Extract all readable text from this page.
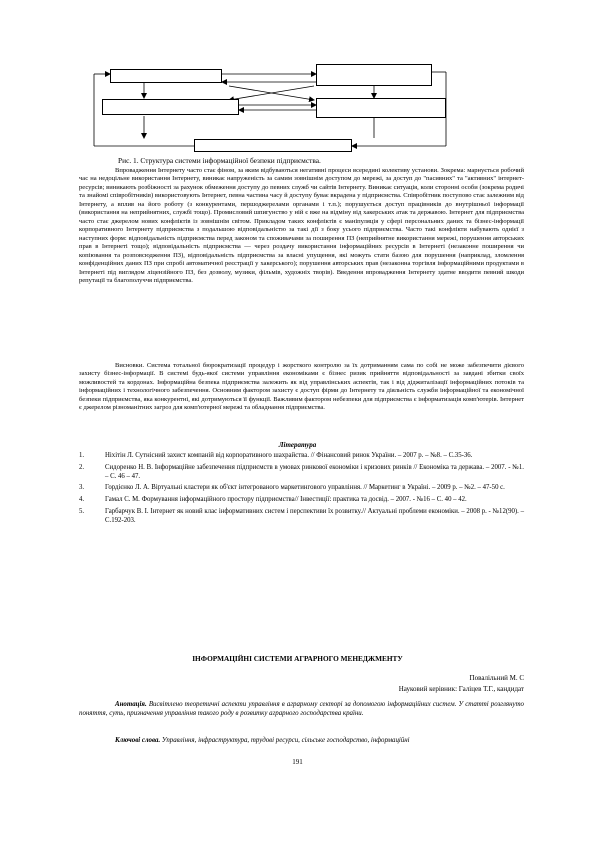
Рис. 1. Структура системи інформаційної безпеки підприємства.

Впровадження Інтернету часто стає фіном, за яким відбуваються негативні процеси всередині колективу установи. Зокрема: марнується робочий час на недоцільне використання Інтернету, виникає напруженість за самим зовнішнім доступом до мережі, за доступ до "пасивних" та "активних" інтернет-ресурсів; виникають розбіжності за рахунок обмеження доступу до певних служб чи сайтів Інтернету. Виникає ситуація, коли сторонні особи (зокрема родичі та знайомі співробітників) використовують Інтернет, певна частина часу й доступу буває вкрадена у підприємства. Співробітник поступово стає залежним від Інтернету, а вплив на його роботу (з конкурентами, першоджерелами органами і т.п.); порушується доступ працівників до внутрішньої інформації (використання на неприйнятних, службі тощо). Промисловий шпигунство у ній є вже на відміну від хакерських атак та державою. Інтернет для підприємства часто стає джерелом нових конфліктів із зовнішнім світом. Прикладом таких конфліктів є маніпуляція у сфері персональних даних та бізнес-інформації корпоративного Інтернету підприємства з подальшою відповідальністю за такі дії з боку усього підприємства. Часто такі конфлікти набувають однієї з наступних форм: відповідальність підприємства перед законом та споживачами за поширення ПЗ (неприйнятне використання мережі, порушення авторських прав в Інтернеті тощо); відповідальність підприємства — через роздачу використання інформаційних ресурсів в Інтернеті (незаконне поширення чи копіювання та розповсюдження ПЗ), відповідальність підприємства за власні упущення, які можуть стати базою для порушення (наприклад, зломлення конфіденційних даних ПЗ при спробі автоматичної реєстрації у хакерського); порушення авторських прав (незаконна торгівля інформаційними продуктами в Інтернеті під виглядом ліцензійного ПЗ, без дозволу, музики, фільмів, художніх творів). Введення впровадження Інтернету здатне вводити певний шкоди репутації та благополуччя підприємства.

Висновки. Система тотальної бюрократизації процедур і жорсткого контролю за їх дотриманням сама по собі не може забезпечити дієвого захисту бізнес-інформації. В системі будь-якої системи управління економіками є бізнес ризик прийняття відповідальності за завдані збитки своїх можливостей та кордонах. Інформаційна безпека підприємства залежить як від управлінських аспектів, так і від діджиталізації інформаційних потоків та інформаційних і технологічного забезпечення. Основним фактором захисту є доступ фірми до Інтернету та діяльність служби інформаційної та економічної безпеки підприємства, яка конкурентні, які дотримуються її функції. Важливим фактором небезпеки для підприємства є інформатизація комп'ютерів. Інтернет є джерелом різноманітних загроз для комп'ютерної мережі та обладнання підприємства.

Література
1.	Ніхітін Л. Сутнісний захист компаній від корпоративного шахрайства. // Фінансовий ринок України. – 2007 р. – №8. – С.35-36.
2.	Сидоренко Н. В. Інформаційне забезпечення підприємств в умовах ринкової економіки і кризових ринків // Економіка та держава. – 2007. - №1. – С. 46 – 47.
3.	Гордієнко Л. А. Віртуальні кластери як об'єкт інтегрованого маркетингового управління. // Маркетинг в Україні. – 2009 р. – №2. – 47-50 с.
4.	Гамал С. М. Формування інформаційного простору підприємства// Інвестиції: практика та досвід. – 2007. - №16 – С. 40 – 42.
5.	Гарбарчук В. І. Інтернет як новий клас інформативних систем і перспективи їх розвитку.// Актуальні проблеми економіки. – 2008 р. - №12(90). – С.192-203.
ІНФОРМАЦІЙНІ СИСТЕМИ АГРАРНОГО МЕНЕДЖМЕНТУ
Повалільний М. С
Науковий керівник: Галіцев Т.Г., кандидат

Анотація. Висвітлено теоретичні аспекти управління в аграрному секторі за допомогою інформаційних систем. У статті розглянуто поняття, суть, призначення управління такого роду в розвитку аграрного господарства країни.

Ключові слова. Управління, інфраструктура, трудові ресурси, сільське господарство, інформаційні

191
